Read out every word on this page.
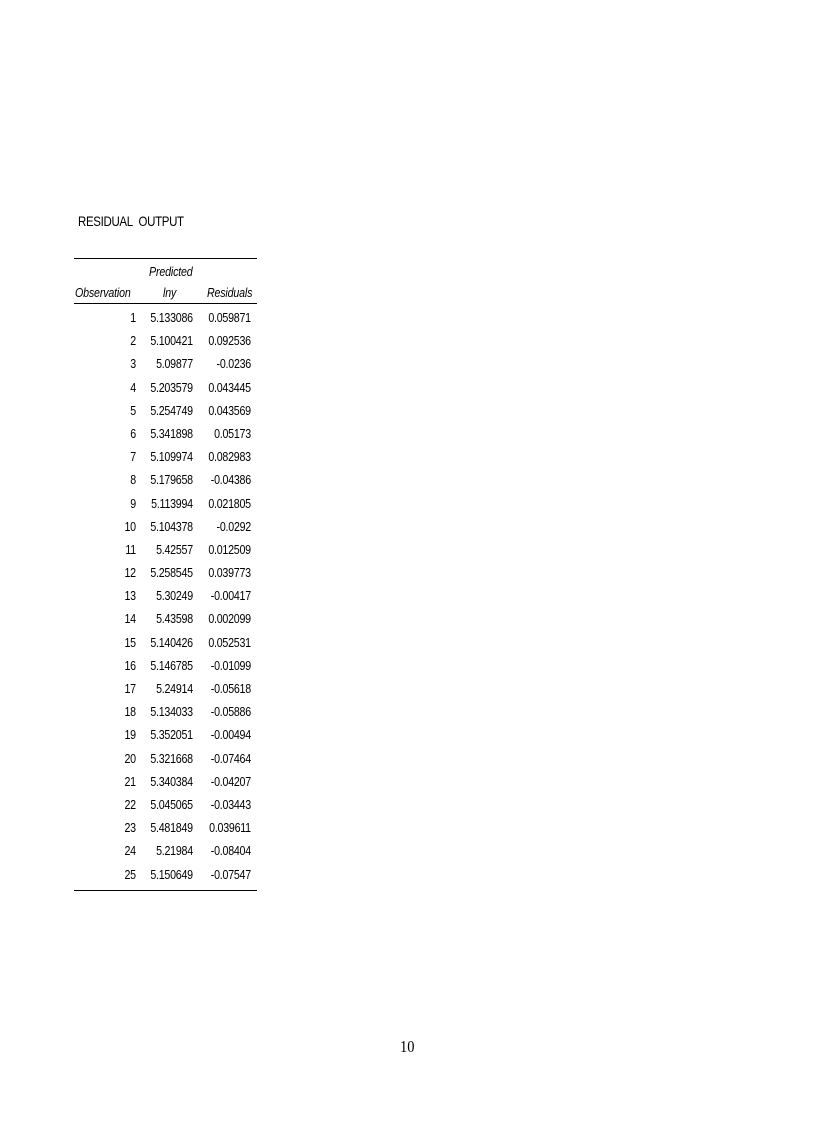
RESIDUAL OUTPUT
Observation
Predicted
lny Residuals
1 5.133086 0.059871
2 5.100421 0.092536
3 5.09877 -0.0236
4 5.203579 0.043445
5 5.254749 0.043569
6 5.341898 0.05173
7 5.109974 0.082983
8 5.179658 -0.04386
9 5.113994 0.021805
10 5.104378 -0.0292
11 5.42557 0.012509
12 5.258545 0.039773
13 5.30249 -0.00417
14 5.43598 0.002099
15 5.140426 0.052531
16 5.146785 -0.01099
17 5.24914 -0.05618
18 5.134033 -0.05886
19 5.352051 -0.00494
20 5.321668 -0.07464
21 5.340384 -0.04207
22 5.045065 -0.03443
23 5.481849 0.039611
24 5.21984 -0.08404
25 5.150649 -0.07547
10
